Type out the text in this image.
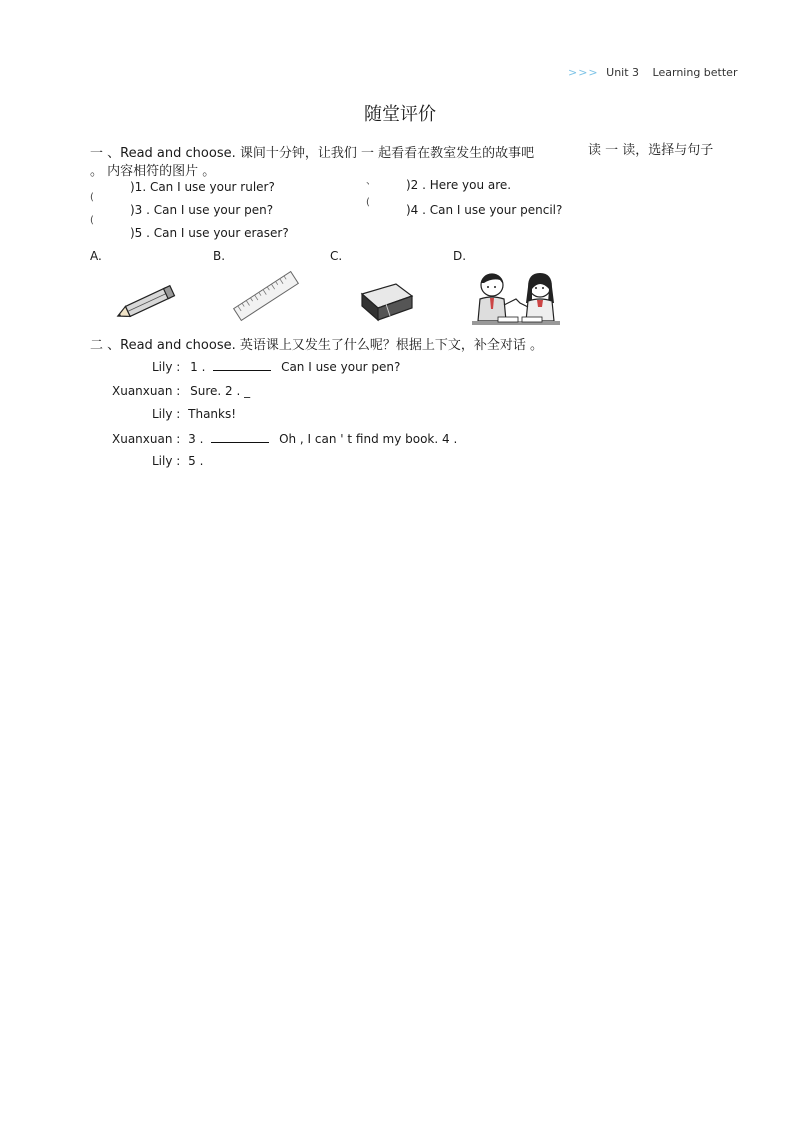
>>> Unit 3 Learning better
随堂评价
一 、Read and choose. 课间十分钟，让我们 一 起看看在教室发生的故事吧
。 内容相符的图片 。
读 一 读，选择与句子
(
(
(
、
)1. Can I use your ruler?	)2 . Here you are.
)3 . Can I use your pen?	)4 . Can I use your pencil?
)5 . Can I use your eraser?
A.	B.	C.	D.
二 、Read and choose. 英语课上又发生了什么呢？根据上下文，补全对话 。
Lily : 1 .	Can I use your pen?
Xuanxuan : Sure. 2 . _
Lily : Thanks!
Xuanxuan : 3 .	Oh , I can ' t find my book. 4 .
Lily : 5 .
